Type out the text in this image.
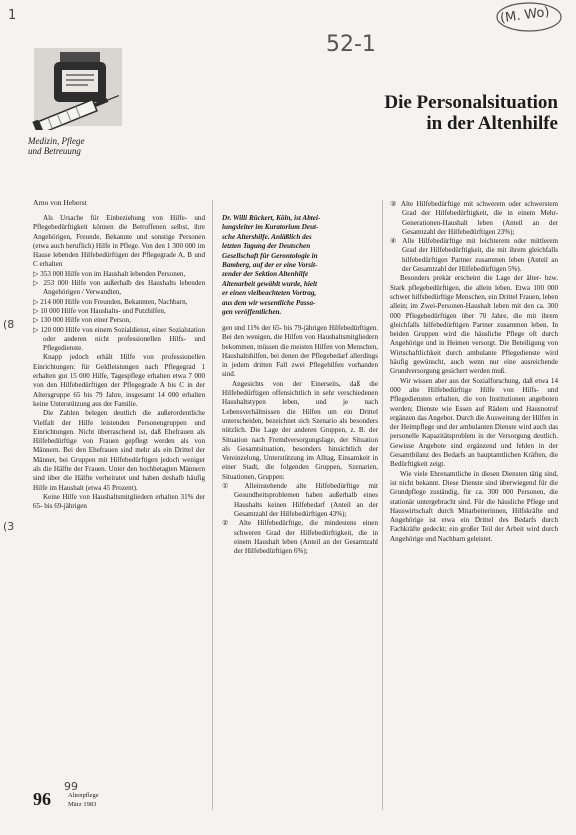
1	(M. Wo)
52-1
(8
(3
Medizin, Pflege
und Betreuung
Die Personalsituation
in der Altenhilfe
Arno von Heberst

Als Ursache für Einbeziehung von Hilfe- und Pflegebedürftigkeit können die Betroffenen selbst, ihre Angehörigen, Freunde, Bekannte und sonstige Personen (etwa auch beruflich) Hilfe in Pflege. Von den 1 300 000 im Hause lebenden Hilfebedürftigen der Pflegegrade A, B und C erhalten

▷ 353 000 Hilfe von im Haushalt lebenden Personen,

▷ 253 000 Hilfe von außerhalb des Haushalts lebenden Angehörigen / Verwandten,

▷ 214 000 Hilfe von Freunden, Bekannten, Nachbarn,

▷ 10 000 Hilfe von Haushalts- und Putzhilfen,

▷ 130 000 Hilfe von einer Person,

▷ 120 000 Hilfe von einem Sozialdienst, einer Sozialstation oder anderen nicht professionellen Hilfs- und Pflegedienste.

Knapp jedoch erhält Hilfe von professionellen Einrichtungen: für Geldleistungen nach Pflegegrad 1 erhalten gut 15 000 Hilfe, Tagespflege erhalten etwa 7 000 von den Hilfebedürftigen der Pflegegrade A bis C in der Altersgruppe 65 bis 79 Jahre, insgesamt 14 000 erhalten keine Unterstützung aus der Familie.

Die Zahlen belegen deutlich die außerordentliche Vielfalt der Hilfe leistenden Personengruppen und Einrichtungen. Nicht überraschend ist, daß Ehefrauen als Hilfebedürftige von Frauen gepflegt werden als von Männern. Bei den Ehefrauen sind mehr als ein Drittel der Männer, bei Gruppen mit Hilfebedürftigen jedoch weniger als die Hälfte der Frauen. Unter den hochbetagten Männern sind über die Hälfte verheiratet und haben deshalb häufig Hilfe im Haushalt (etwa 45 Prozent).

Keine Hilfe von Haushaltsmitgliedern erhalten 31% der 65- bis 69-jährigen

Dr. Willi Rückert, Köln, ist Abtei-
lungsleiter im Kuratorium Deut-
sche Altershilfe. Anläßlich des
letzten Tagung der Deutschen
Gesellschaft für Gerontologie in
Bamberg, auf der er eine Vorsit-
zender der Sektion Altenhilfe
Altenarbeit gewählt wurde, hielt
er einen vielbeachteten Vortrag,
aus dem wir wesentliche Passa-
gen veröffentlichen.

gen und 11% der 65- bis 79-jährigen Hilfebedürftigen. Bei den wenigen, die Hilfen von Haushaltsmitgliedern bekommen, müssen die meisten Hilfen von Menschen, Haushaltshilfen, bei denen der Pflegebedarf allerdings in jedem dritten Fall zwei Pflegehilfen vorhanden sind.

Angesichts von der Einerseits, daß die Hilfebedürftigen offensichtlich in sehr verschiedenen Haushaltstypen leben, und je nach Lebensverhältnissen die Hilfen um ein Drittel unterscheiden, bezeichnet sich Szenario als besonders nützlich. Die Lage der anderen Gruppen, z. B. der Situation nach Fremdversorgungslage, der Situation als Gesamtsituation, besonders hinsichtlich der Vereinzelung, Unterstützung im Alltag, Einsamkeit in einer Stadt, die folgenden Gruppen, Szenarien, Situationen, Gruppen:

① Alleinstehende alte Hilfebedürftige mit Gesundheitsproblemen haben außerhalb eines Haushalts keinen Hilfebedarf (Anteil an der Gesamtzahl der Hilfebedürftigen 43%);

② Alte Hilfebedürftige, die mindestens einen schweren Grad der Hilfebedürftigkeit, die in einem Haushalt leben (Anteil an der Gesamtzahl der Hilfebedürftigen 6%);

③ Alte Hilfebedürftige mit schwerem oder schwerstem Grad der Hilfebedürftigkeit, die in einem Mehr-Generationen-Haushalt leben (Anteil an der Gesamtzahl der Hilfebedürftigen 23%);

④ Alle Hilfebedürftige mit leichterem oder mittlerem Grad der Hilfebedürftigkeit, die mit ihrem gleichfalls hilfebedürftigen Partner zusammen leben (Anteil an der Gesamtzahl der Hilfebedürftigen 5%).

Besonders prekär erscheint die Lage der älter- bzw. Stark pflegebedürftigen, die allein leben. Etwa 100 000 schwer hilfsbedürftige Menschen, ein Drittel Frauen, leben allein; im Zwei-Personen-Haushalt leben mit den ca. 300 000 Pflegebedürftigen über 70 Jahre, die mit ihrem gleichfalls hilfebedürftigen Partner zusammen leben. In beiden Gruppen wird die häusliche Pflege oft durch Angehörige und in Heimen versorgt. Die Beteiligung von Wirtschaftlichkeit durch ambulante Pflegedienste wird häufig gewünscht, auch wenn nur eine ausreichende Grundversorgung gesichert werden muß.

Wir wissen aber aus der Sozialforschung, daß etwa 14 000 alte Hilfebedürftige Hilfe von Hilfs- und Pflegediensten erhalten, die von Institutionen angeboten werden; Dienste wie Essen auf Rädern und Hausnotruf ergänzen das Angebot. Durch die Ausweitung der Hilfen in der Heimpflege und der ambulanten Dienste wird auch das personelle Kapazitätsproblem in der Versorgung deutlich. Gewisse Angebote sind ergänzend und fehlen in der Gesamtbilanz des Bedarfs an hauptamtlichen Kräften, die Bedürftigkeit zeigt.

Wie viele Ehrenamtliche in diesen Diensten tätig sind, ist nicht bekannt. Diese Dienste sind überwiegend für die Grundpflege zuständig, für ca. 300 000 Personen, die stationär untergebracht sind. Für die häusliche Pflege und Hauswirtschaft durch Mitarbeiterinnen, Hilfskräfte und Angehörige ist etwa ein Drittel des Bedarfs durch Fachkräfte gedeckt; ein großer Teil der Arbeit wird durch Angehörige und Nachbarn geleistet.

96
99
Altenpflege
März 1983
